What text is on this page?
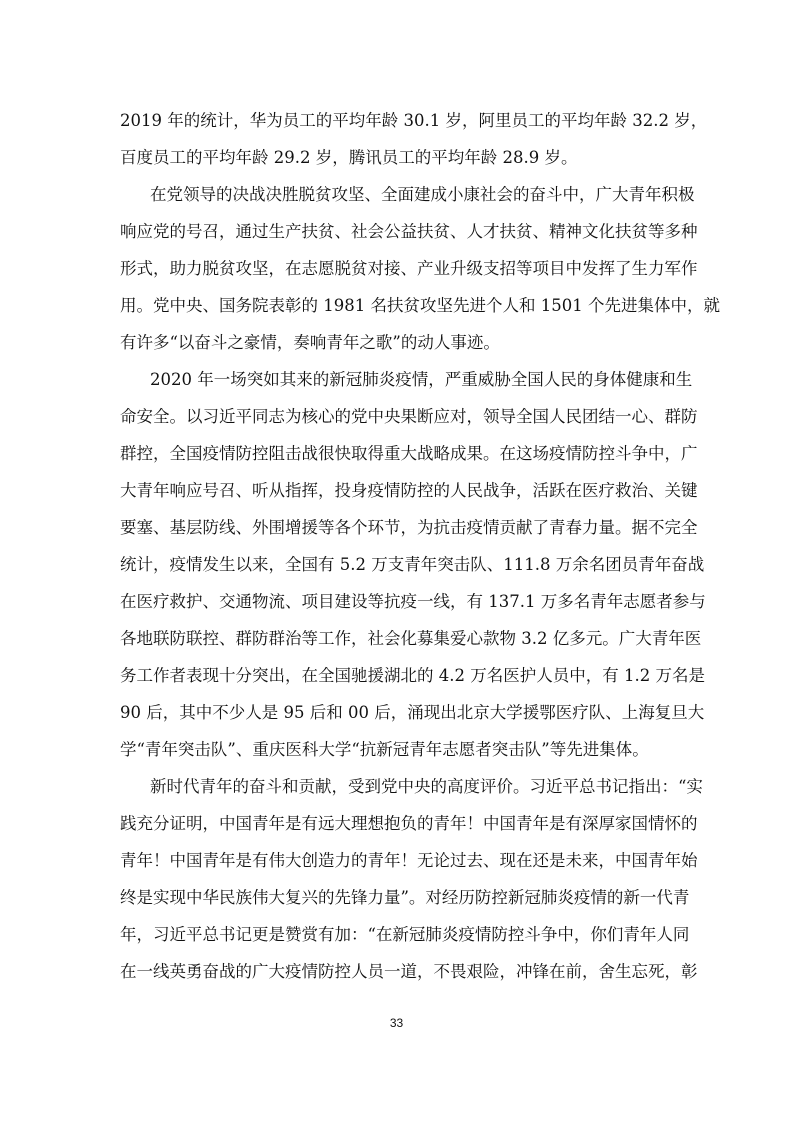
2019 年的统计，华为员工的平均年龄 30.1 岁，阿里员工的平均年龄 32.2 岁，
百度员工的平均年龄 29.2 岁，腾讯员工的平均年龄 28.9 岁。
在党领导的决战决胜脱贫攻坚、全面建成小康社会的奋斗中，广大青年积极
响应党的号召，通过生产扶贫、社会公益扶贫、人才扶贫、精神文化扶贫等多种
形式，助力脱贫攻坚，在志愿脱贫对接、产业升级支招等项目中发挥了生力军作
用。党中央、国务院表彰的 1981 名扶贫攻坚先进个人和 1501 个先进集体中，就
有许多“以奋斗之豪情，奏响青年之歌”的动人事迹。
2020 年一场突如其来的新冠肺炎疫情，严重威胁全国人民的身体健康和生
命安全。以习近平同志为核心的党中央果断应对，领导全国人民团结一心、群防
群控，全国疫情防控阻击战很快取得重大战略成果。在这场疫情防控斗争中，广
大青年响应号召、听从指挥，投身疫情防控的人民战争，活跃在医疗救治、关键
要塞、基层防线、外围增援等各个环节，为抗击疫情贡献了青春力量。据不完全
统计，疫情发生以来，全国有 5.2 万支青年突击队、111.8 万余名团员青年奋战
在医疗救护、交通物流、项目建设等抗疫一线，有 137.1 万多名青年志愿者参与
各地联防联控、群防群治等工作，社会化募集爱心款物 3.2 亿多元。广大青年医
务工作者表现十分突出，在全国驰援湖北的 4.2 万名医护人员中，有 1.2 万名是
90 后，其中不少人是 95 后和 00 后，涌现出北京大学援鄂医疗队、上海复旦大
学“青年突击队”、重庆医科大学“抗新冠青年志愿者突击队”等先进集体。
新时代青年的奋斗和贡献，受到党中央的高度评价。习近平总书记指出：“实
践充分证明，中国青年是有远大理想抱负的青年！中国青年是有深厚家国情怀的
青年！中国青年是有伟大创造力的青年！无论过去、现在还是未来，中国青年始
终是实现中华民族伟大复兴的先锋力量”。对经历防控新冠肺炎疫情的新一代青
年，习近平总书记更是赞赏有加：“在新冠肺炎疫情防控斗争中，你们青年人同
在一线英勇奋战的广大疫情防控人员一道，不畏艰险，冲锋在前，舍生忘死，彰
33
